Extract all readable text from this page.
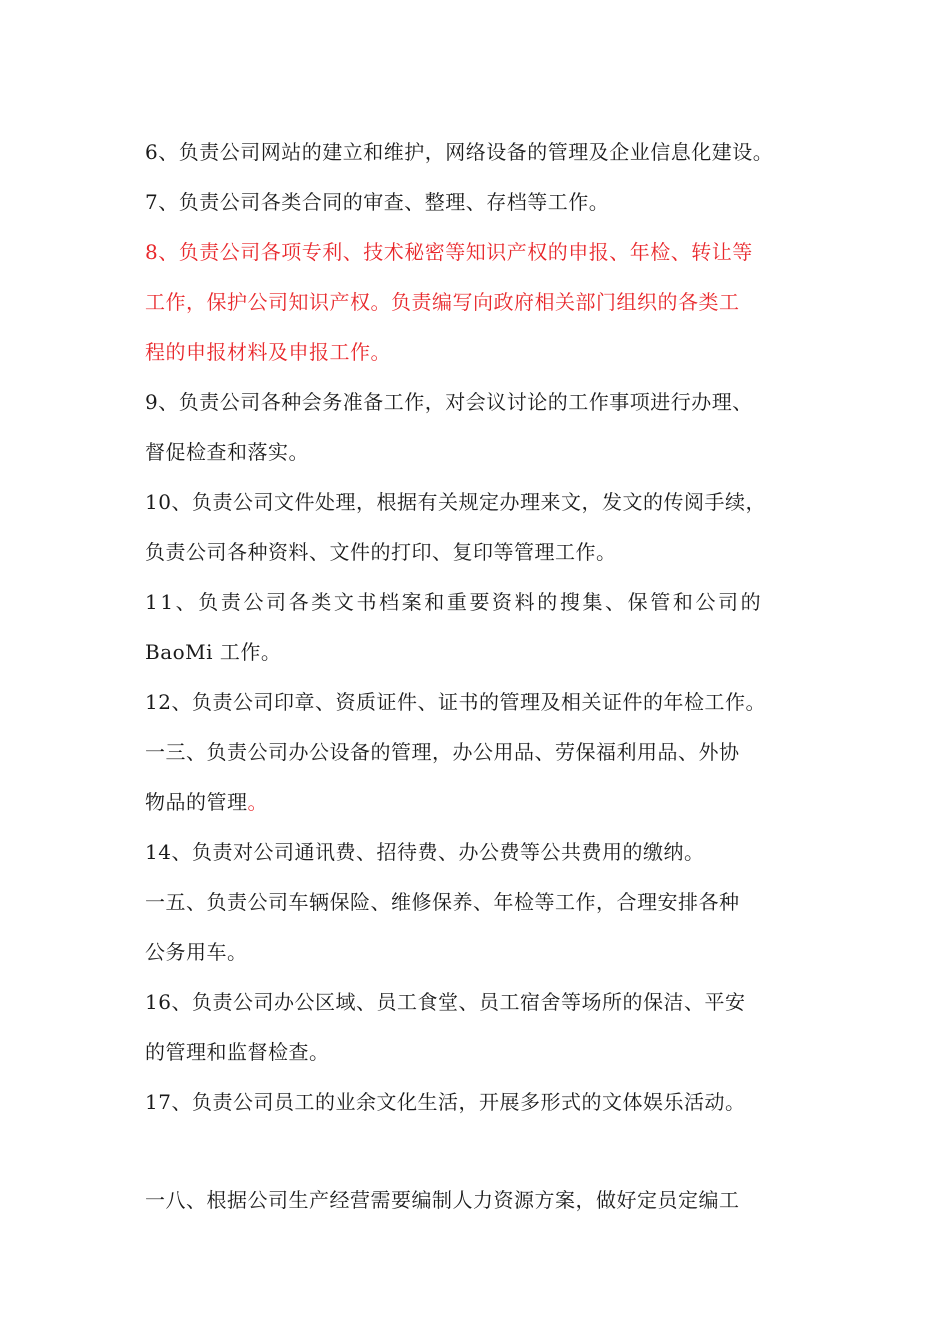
6、负责公司网站的建立和维护，网络设备的管理及企业信息化建设。
7、负责公司各类合同的审查、整理、存档等工作。
8、负责公司各项专利、技术秘密等知识产权的申报、年检、转让等
工作，保护公司知识产权。负责编写向政府相关部门组织的各类工
程的申报材料及申报工作。
9、负责公司各种会务准备工作，对会议讨论的工作事项进行办理、
督促检查和落实。
10、负责公司文件处理，根据有关规定办理来文，发文的传阅手续，
负责公司各种资料、文件的打印、复印等管理工作。
11、负责公司各类文书档案和重要资料的搜集、保管和公司的
BaoMi 工作。
12、负责公司印章、资质证件、证书的管理及相关证件的年检工作。
一三、负责公司办公设备的管理，办公用品、劳保福利用品、外协
物品的管理。
14、负责对公司通讯费、招待费、办公费等公共费用的缴纳。
一五、负责公司车辆保险、维修保养、年检等工作，合理安排各种
公务用车。
16、负责公司办公区域、员工食堂、员工宿舍等场所的保洁、平安
的管理和监督检查。
17、负责公司员工的业余文化生活，开展多形式的文体娱乐活动。
一八、根据公司生产经营需要编制人力资源方案，做好定员定编工
